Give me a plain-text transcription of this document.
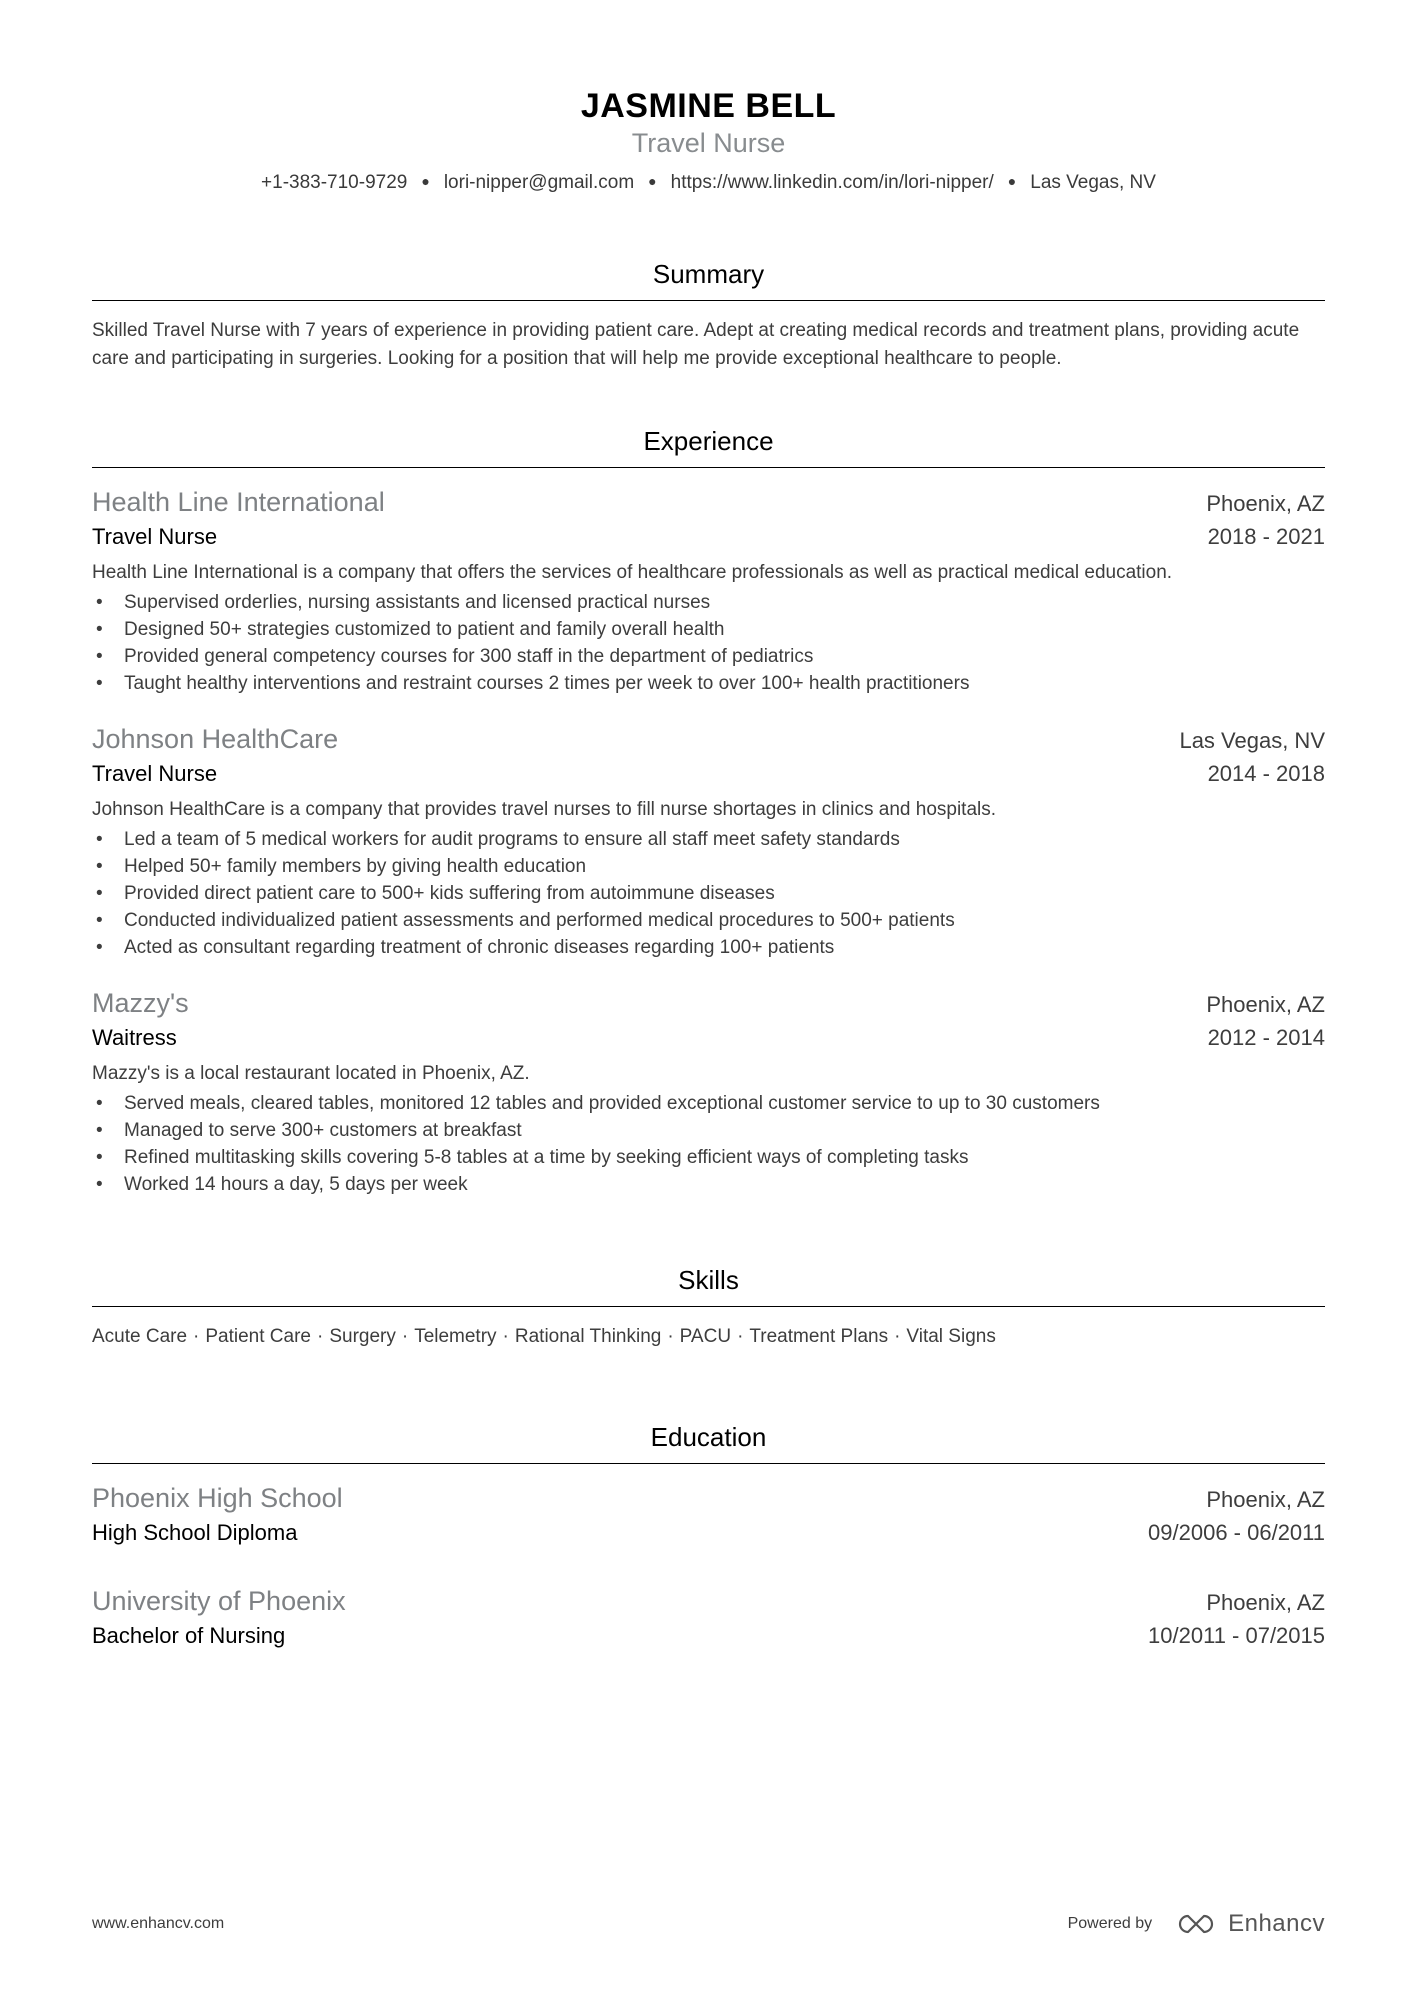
JASMINE BELL
Travel Nurse
+1-383-710-9729 ● lori-nipper@gmail.com ● https://www.linkedin.com/in/lori-nipper/ ● Las Vegas, NV
Summary
Skilled Travel Nurse with 7 years of experience in providing patient care. Adept at creating medical records and treatment plans, providing acute care and participating in surgeries. Looking for a position that will help me provide exceptional healthcare to people.
Experience
Health Line International	Phoenix, AZ
Travel Nurse	2018 - 2021
Health Line International is a company that offers the services of healthcare professionals as well as practical medical education.
• Supervised orderlies, nursing assistants and licensed practical nurses
• Designed 50+ strategies customized to patient and family overall health
• Provided general competency courses for 300 staff in the department of pediatrics
• Taught healthy interventions and restraint courses 2 times per week to over 100+ health practitioners
Johnson HealthCare	Las Vegas, NV
Travel Nurse	2014 - 2018
Johnson HealthCare is a company that provides travel nurses to fill nurse shortages in clinics and hospitals.
• Led a team of 5 medical workers for audit programs to ensure all staff meet safety standards
• Helped 50+ family members by giving health education
• Provided direct patient care to 500+ kids suffering from autoimmune diseases
• Conducted individualized patient assessments and performed medical procedures to 500+ patients
• Acted as consultant regarding treatment of chronic diseases regarding 100+ patients
Mazzy's	Phoenix, AZ
Waitress	2012 - 2014
Mazzy's is a local restaurant located in Phoenix, AZ.
• Served meals, cleared tables, monitored 12 tables and provided exceptional customer service to up to 30 customers
• Managed to serve 300+ customers at breakfast
• Refined multitasking skills covering 5-8 tables at a time by seeking efficient ways of completing tasks
• Worked 14 hours a day, 5 days per week
Skills
Acute Care · Patient Care · Surgery · Telemetry · Rational Thinking · PACU · Treatment Plans · Vital Signs
Education
Phoenix High School	Phoenix, AZ
High School Diploma	09/2006 - 06/2011
University of Phoenix	Phoenix, AZ
Bachelor of Nursing	10/2011 - 07/2015
www.enhancv.com	Powered by	Enhancv
